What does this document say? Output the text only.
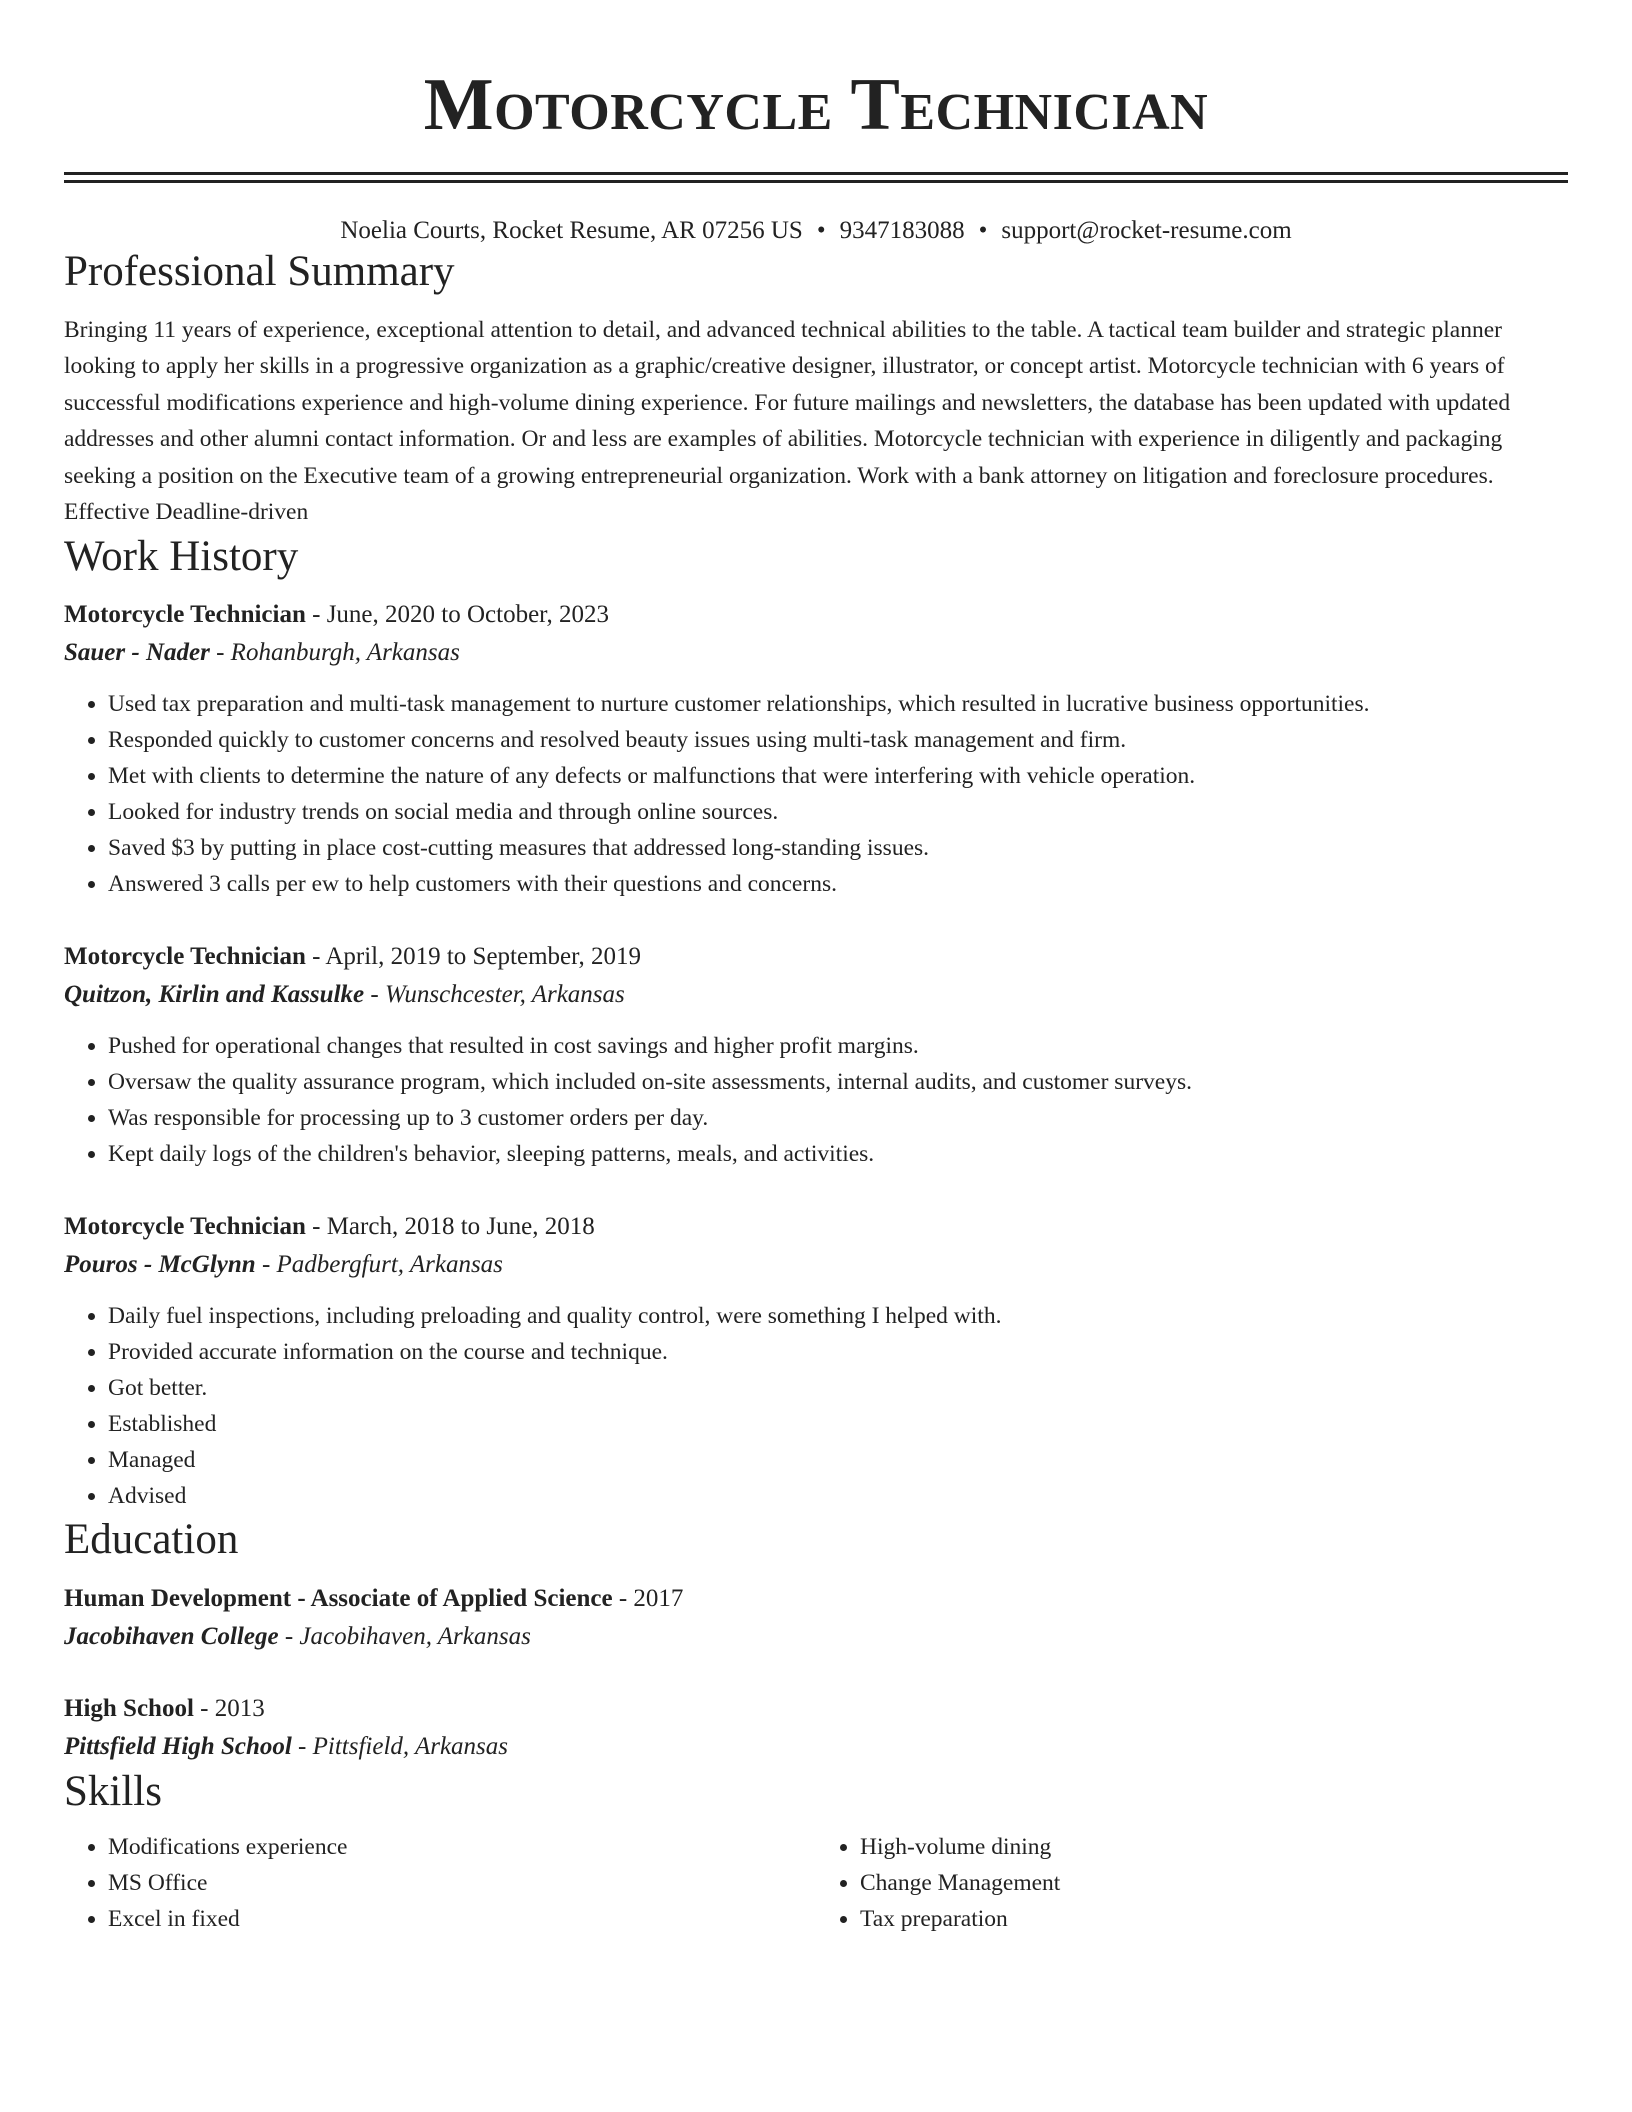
Motorcycle Technician
Noelia Courts, Rocket Resume, AR 07256 US • 9347183088 • support@rocket-resume.com
Professional Summary
Bringing 11 years of experience, exceptional attention to detail, and advanced technical abilities to the table. A tactical team builder and strategic planner looking to apply her skills in a progressive organization as a graphic/creative designer, illustrator, or concept artist. Motorcycle technician with 6 years of successful modifications experience and high-volume dining experience. For future mailings and newsletters, the database has been updated with updated addresses and other alumni contact information. Or and less are examples of abilities. Motorcycle technician with experience in diligently and packaging seeking a position on the Executive team of a growing entrepreneurial organization. Work with a bank attorney on litigation and foreclosure procedures. Effective Deadline-driven
Work History
Motorcycle Technician - June, 2020 to October, 2023
Sauer - Nader - Rohanburgh, Arkansas
• Used tax preparation and multi-task management to nurture customer relationships, which resulted in lucrative business opportunities.
• Responded quickly to customer concerns and resolved beauty issues using multi-task management and firm.
• Met with clients to determine the nature of any defects or malfunctions that were interfering with vehicle operation.
• Looked for industry trends on social media and through online sources.
• Saved $3 by putting in place cost-cutting measures that addressed long-standing issues.
• Answered 3 calls per ew to help customers with their questions and concerns.
Motorcycle Technician - April, 2019 to September, 2019
Quitzon, Kirlin and Kassulke - Wunschcester, Arkansas
• Pushed for operational changes that resulted in cost savings and higher profit margins.
• Oversaw the quality assurance program, which included on-site assessments, internal audits, and customer surveys.
• Was responsible for processing up to 3 customer orders per day.
• Kept daily logs of the children's behavior, sleeping patterns, meals, and activities.
Motorcycle Technician - March, 2018 to June, 2018
Pouros - McGlynn - Padbergfurt, Arkansas
• Daily fuel inspections, including preloading and quality control, were something I helped with.
• Provided accurate information on the course and technique.
• Got better.
• Established
• Managed
• Advised
Education
Human Development - Associate of Applied Science - 2017
Jacobihaven College - Jacobihaven, Arkansas
High School - 2013
Pittsfield High School - Pittsfield, Arkansas
Skills
• Modifications experience
• MS Office
• Excel in fixed
• High-volume dining
• Change Management
• Tax preparation
